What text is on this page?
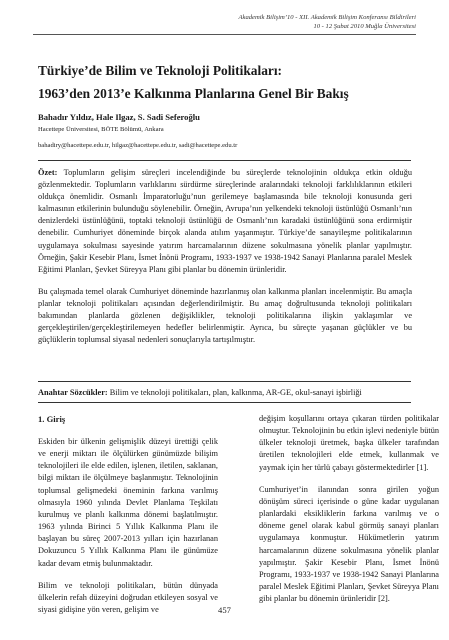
Akademik Bilişim’10 - XII. Akademik Bilişim Konferansı Bildirileri
10 - 12 Şubat 2010 Muğla Üniversitesi
Türkiye’de Bilim ve Teknoloji Politikaları:
1963’den 2013’e Kalkınma Planlarına Genel Bir Bakış
Bahadır Yıldız, Hale Ilgaz, S. Sadi Seferoğlu
Hacettepe Üniversitesi, BÖTE Bölümü, Ankara
bahadiry@hacettepe.edu.tr, hilgaz@hacettepe.edu.tr, sadi@hacettepe.edu.tr

Özet: Toplumların gelişim süreçleri incelendiğinde bu süreçlerde teknolojinin oldukça etkin olduğu gözlenmektedir. Toplumların varlıklarını sürdürme süreçlerinde aralarındaki teknoloji farklılıklarının etkileri oldukça önemlidir. Osmanlı İmparatorluğu’nun gerilemeye başlamasında bile teknoloji konusunda geri kalmasının etkilerinin bulunduğu söylenebilir. Örneğin, Avrupa’nın yelkendeki teknoloji üstünlüğü Osmanlı’nın denizlerdeki üstünlüğünü, toptaki teknoloji üstünlüğü de Osmanlı’nın karadaki üstünlüğünü sona erdirmiştir denebilir. Cumhuriyet döneminde birçok alanda atılım yaşanmıştır. Türkiye’de sanayileşme politikalarının uygulamaya sokulması sayesinde yatırım harcamalarının düzene sokulmasına yönelik planlar yapılmıştır. Örneğin, Şakir Kesebir Planı, İsmet İnönü Programı, 1933-1937 ve 1938-1942 Sanayi Planlarına paralel Meslek Eğitimi Planları, Şevket Süreyya Planı gibi planlar bu dönemin ürünleridir.

Bu çalışmada temel olarak Cumhuriyet döneminde hazırlanmış olan kalkınma planları incelenmiştir. Bu amaçla planlar teknoloji politikaları açısından değerlendirilmiştir. Bu amaç doğrultusunda teknoloji politikaları bakımından planlarda gözlenen değişiklikler, teknoloji politikalarına ilişkin yaklaşımlar ve gerçekleştirilen/gerçekleştirilemeyen hedefler belirlenmiştir. Ayrıca, bu süreçte yaşanan güçlükler ve bu güçlüklerin toplumsal siyasal nedenleri sonuçlarıyla tartışılmıştır.

Anahtar Sözcükler: Bilim ve teknoloji politikaları, plan, kalkınma, AR-GE, okul-sanayi işbirliği
1. Giriş

Eskiden bir ülkenin gelişmişlik düzeyi ürettiği çelik ve enerji miktarı ile ölçülürken günümüzde bilişim teknolojileri ile elde edilen, işlenen, iletilen, saklanan, bilgi miktarı ile ölçülmeye başlanmıştır. Teknolojinin toplumsal gelişmedeki öneminin farkına varılmış olmasıyla 1960 yılında Devlet Planlama Teşkilatı kurulmuş ve planlı kalkınma dönemi başlatılmıştır. 1963 yılında Birinci 5 Yıllık Kalkınma Planı ile başlayan bu süreç 2007-2013 yılları için hazırlanan Dokuzuncu 5 Yıllık Kalkınma Planı ile günümüze kadar devam etmiş bulunmaktadır.

Bilim ve teknoloji politikaları, bütün dünyada ülkelerin refah düzeyini doğrudan etkileyen sosyal ve siyasi gidişine yön veren, gelişim ve

değişim koşullarını ortaya çıkaran türden politikalar olmuştur. Teknolojinin bu etkin işlevi nedeniyle bütün ülkeler teknoloji üretmek, başka ülkeler tarafından üretilen teknolojileri elde etmek, kullanmak ve yaymak için her türlü çabayı göstermektedirler [1].

Cumhuriyet’in ilanından sonra girilen yoğun dönüşüm süreci içerisinde o güne kadar uygulanan planlardaki eksikliklerin farkına varılmış ve o döneme genel olarak kabul görmüş sanayi planları uygulamaya konmuştur. Hükümetlerin yatırım harcamalarının düzene sokulmasına yönelik planlar yapılmıştır. Şakir Kesebir Planı, İsmet İnönü Programı, 1933-1937 ve 1938-1942 Sanayi Planlarına paralel Meslek Eğitimi Planları, Şevket Süreyya Planı gibi planlar bu dönemin ürünleridir [2].

457
